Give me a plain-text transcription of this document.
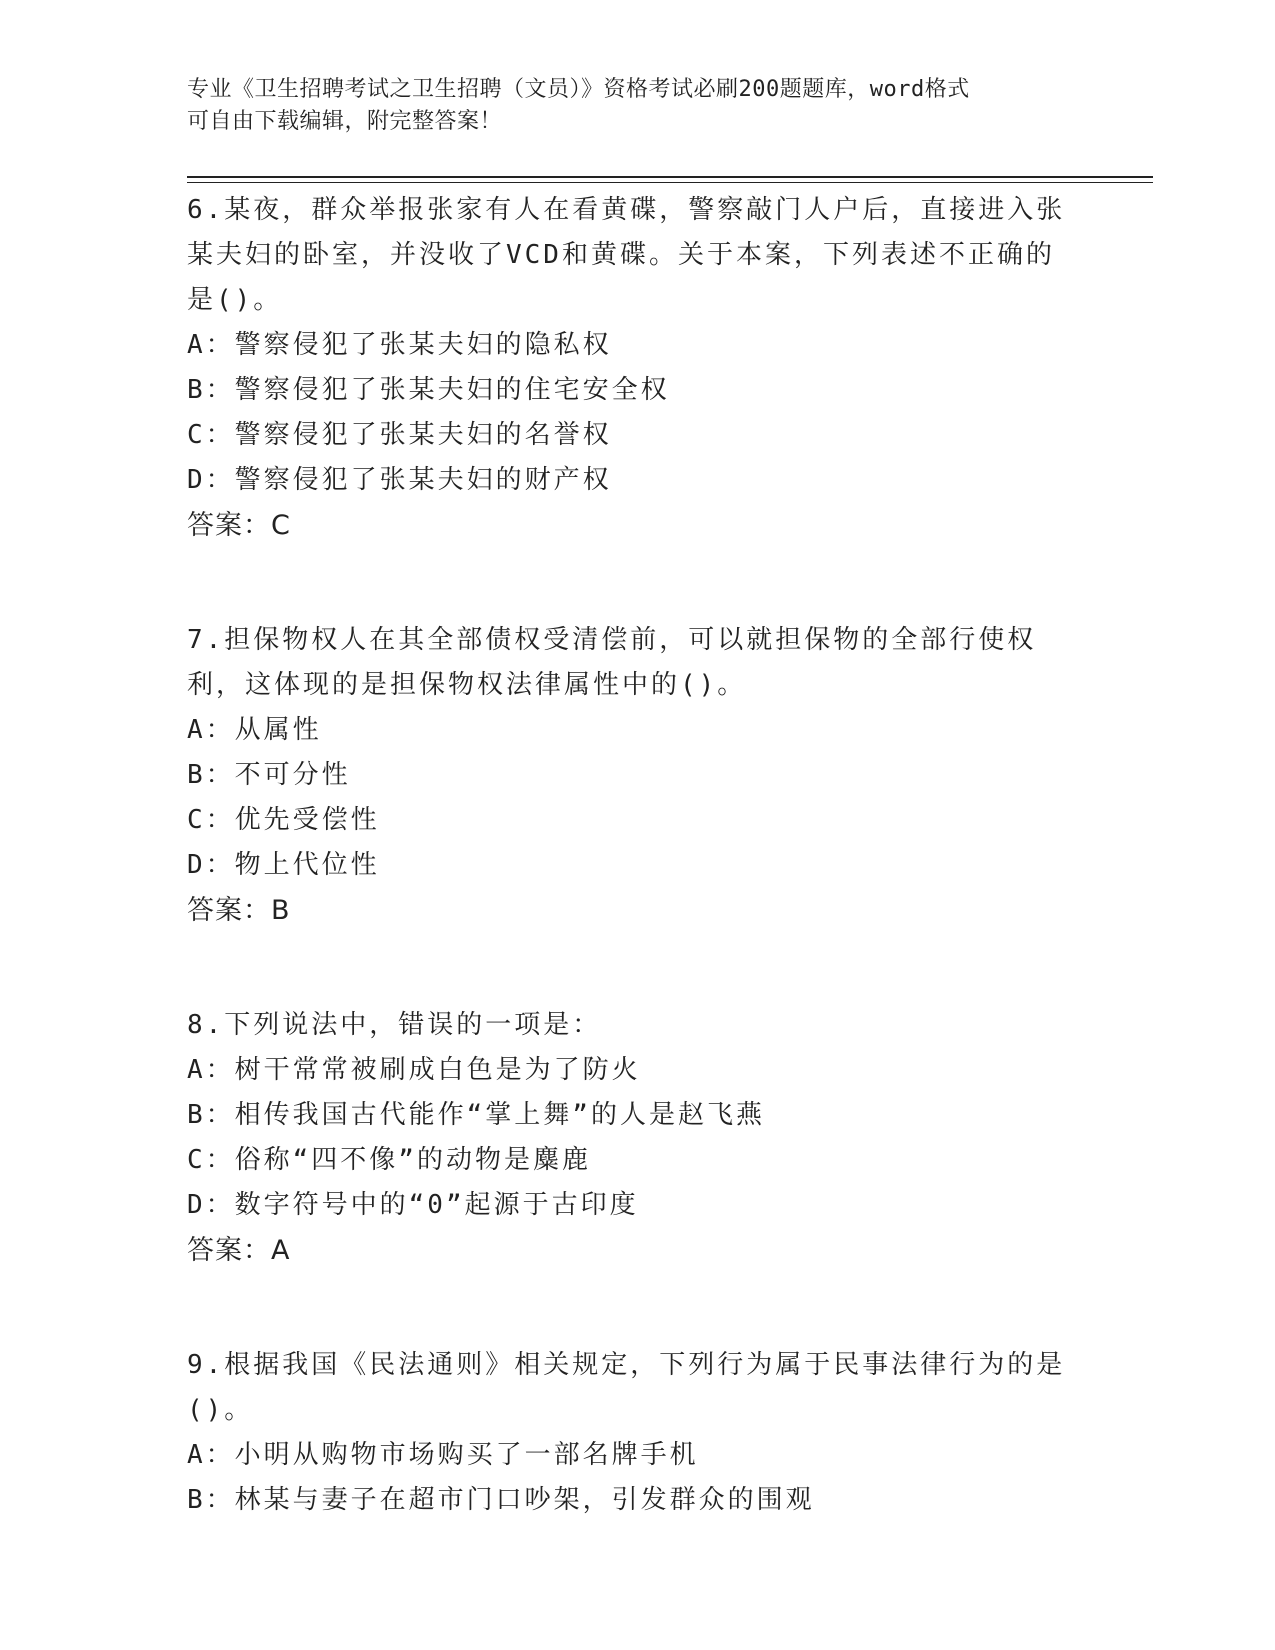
专业《卫生招聘考试之卫生招聘（文员）》资格考试必刷200题题库，word格式
可自由下载编辑，附完整答案！

6.某夜，群众举报张家有人在看黄碟，警察敲门人户后，直接进入张某夫妇的卧室，并没收了VCD和黄碟。关于本案，下列表述不正确的是()。

A：警察侵犯了张某夫妇的隐私权

B：警察侵犯了张某夫妇的住宅安全权

C：警察侵犯了张某夫妇的名誉权

D：警察侵犯了张某夫妇的财产权

答案：C

7.担保物权人在其全部债权受清偿前，可以就担保物的全部行使权利，这体现的是担保物权法律属性中的()。

A：从属性

B：不可分性

C：优先受偿性

D：物上代位性

答案：B

8.下列说法中，错误的一项是：

A：树干常常被刷成白色是为了防火

B：相传我国古代能作“掌上舞”的人是赵飞燕

C：俗称“四不像”的动物是麋鹿

D：数字符号中的“0”起源于古印度

答案：A

9.根据我国《民法通则》相关规定，下列行为属于民事法律行为的是()。

A：小明从购物市场购买了一部名牌手机

B：林某与妻子在超市门口吵架，引发群众的围观
